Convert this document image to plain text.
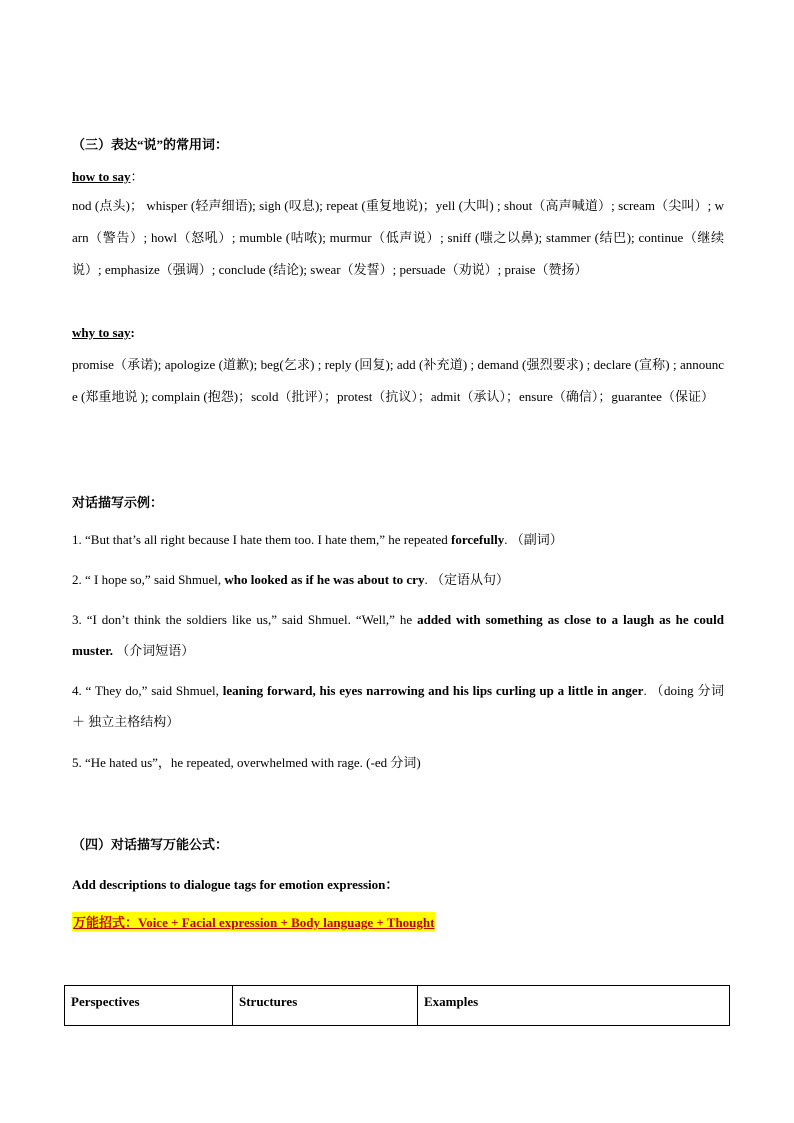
（三）表达“说”的常用词：
how to say：
nod (点头)； whisper (轻声细语); sigh (叹息); repeat (重复地说)；yell (大叫) ; shout（高声喊道）; scream（尖叫）; warn（警告）; howl（怒吼）; mumble (咕哝); murmur（低声说）; sniff (嗤之以鼻); stammer (结巴); continue（继续说）; emphasize（强调）; conclude (结论); swear（发誓）; persuade（劝说）; praise（赞扬）
why to say:
promise（承诺); apologize (道歉); beg(乞求) ; reply (回复); add (补充道) ; demand (强烈要求) ; declare (宣称) ; announce (郑重地说 ); complain (抱怨)；scold（批评）；protest（抗议）；admit（承认）；ensure（确信）；guarantee（保证）
对话描写示例：
1. “But that’s all right because I hate them too. I hate them,” he repeated forcefully. （副词）
2. “ I hope so,” said Shmuel, who looked as if he was about to cry. （定语从句）
3. “I don’t think the soldiers like us,” said Shmuel. “Well,” he added with something as close to a laugh as he could muster. （介词短语）
4. “ They do,” said Shmuel, leaning forward, his eyes narrowing and his lips curling up a little in anger. （doing 分词 ＋ 独立主格结构）
5. “He hated us”，he repeated, overwhelmed with rage. (-ed 分词)
（四）对话描写万能公式：
Add descriptions to dialogue tags for emotion expression：
万能招式：Voice + Facial expression + Body language + Thought
Perspectives	Structures	Examples
